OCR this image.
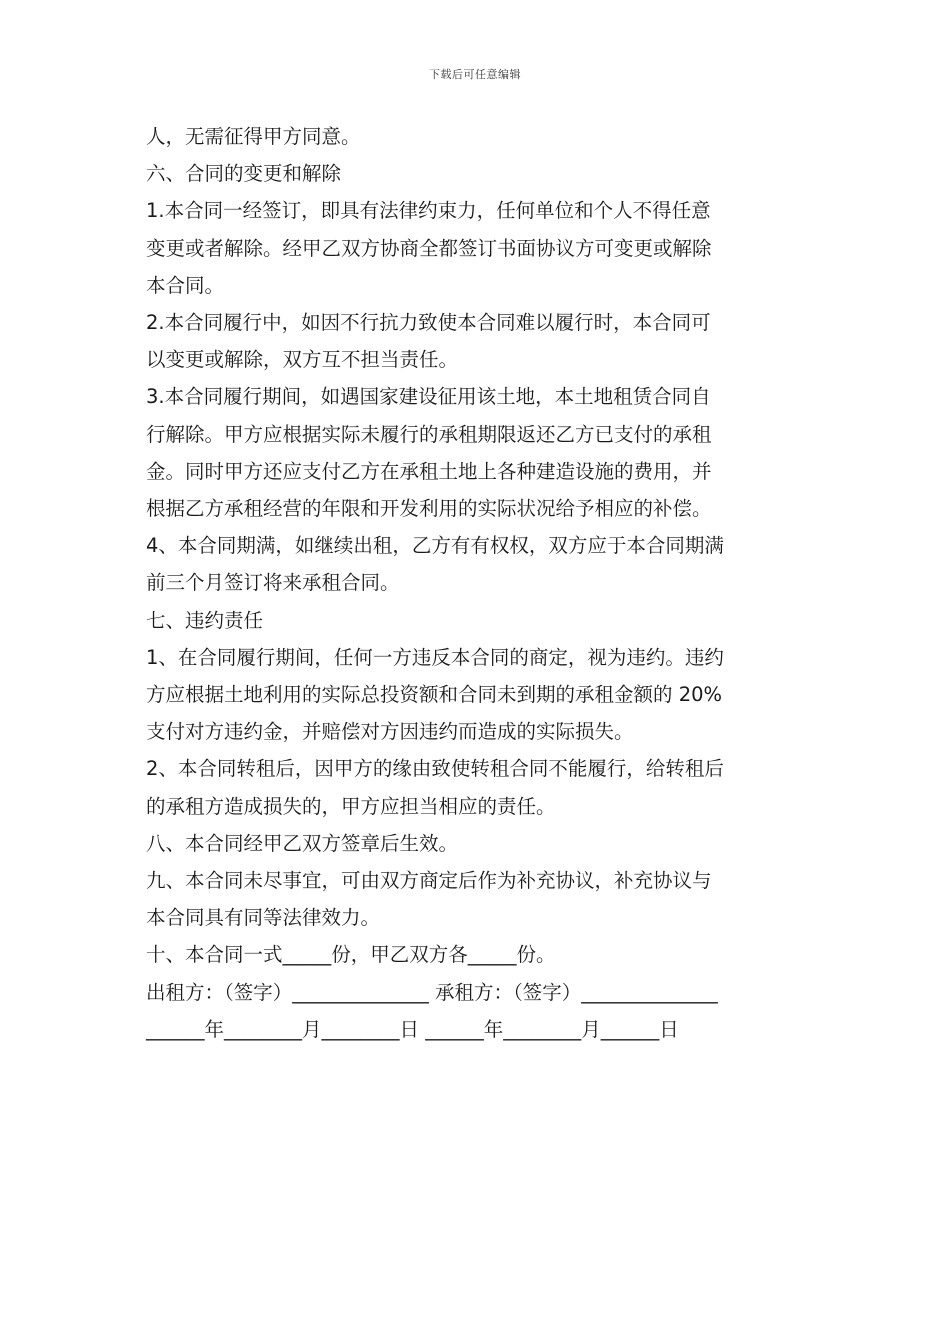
下载后可任意编辑

人，无需征得甲方同意。

六、合同的变更和解除

1.本合同一经签订，即具有法律约束力，任何单位和个人不得任意

变更或者解除。经甲乙双方协商全都签订书面协议方可变更或解除

本合同。

2.本合同履行中，如因不行抗力致使本合同难以履行时，本合同可

以变更或解除，双方互不担当责任。

3.本合同履行期间，如遇国家建设征用该土地，本土地租赁合同自

行解除。甲方应根据实际未履行的承租期限返还乙方已支付的承租

金。同时甲方还应支付乙方在承租土地上各种建造设施的费用，并

根据乙方承租经营的年限和开发利用的实际状况给予相应的补偿。

4、本合同期满，如继续出租，乙方有有权权，双方应于本合同期满

前三个月签订将来承租合同。

七、违约责任

1、在合同履行期间，任何一方违反本合同的商定，视为违约。违约

方应根据土地利用的实际总投资额和合同未到期的承租金额的 20%

支付对方违约金，并赔偿对方因违约而造成的实际损失。

2、本合同转租后，因甲方的缘由致使转租合同不能履行，给转租后

的承租方造成损失的，甲方应担当相应的责任。

八、本合同经甲乙双方签章后生效。

九、本合同未尽事宜，可由双方商定后作为补充协议，补充协议与

本合同具有同等法律效力。

十、本合同一式_____份，甲乙双方各_____份。

出租方：（签字）______________ 承租方：（签字）______________

______年________月________日 ______年________月______日
